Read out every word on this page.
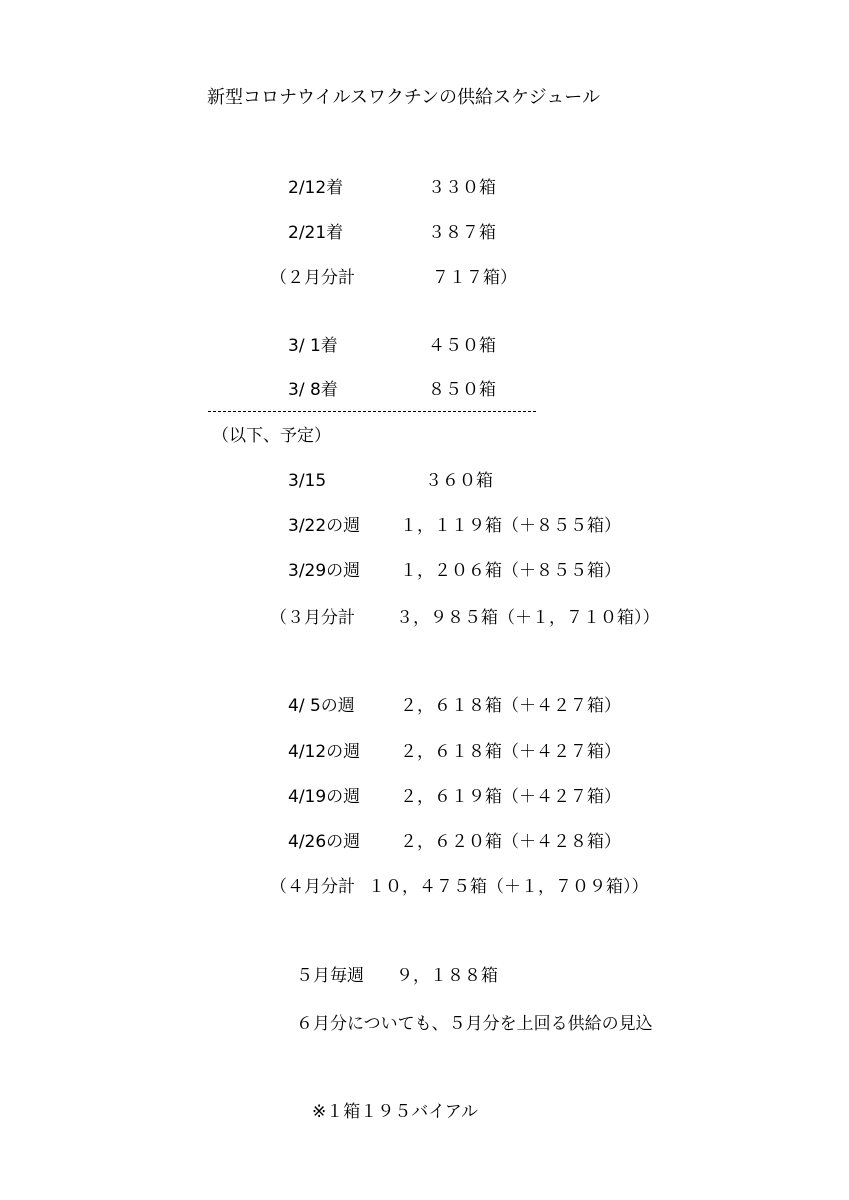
新型コロナウイルスワクチンの供給スケジュール
2/12着	３３０箱
2/21着	３８７箱
（２月分計	７１７箱）
3/ 1着	４５０箱
3/ 8着	８５０箱
（以下、予定）
3/15	３６０箱
3/22の週 １，１１９箱（＋８５５箱）
3/29の週 １，２０６箱（＋８５５箱）
（３月分計 ３，９８５箱（＋１，７１０箱））
4/ 5の週	２，６１８箱（＋４２７箱）
4/12の週 ２，６１８箱（＋４２７箱）
4/19の週 ２，６１９箱（＋４２７箱）
4/26の週 ２，６２０箱（＋４２８箱）
（４月分計 １０，４７５箱（＋１，７０９箱））
５月毎週 ９，１８８箱
６月分についても、５月分を上回る供給の見込
※１箱１９５バイアル
